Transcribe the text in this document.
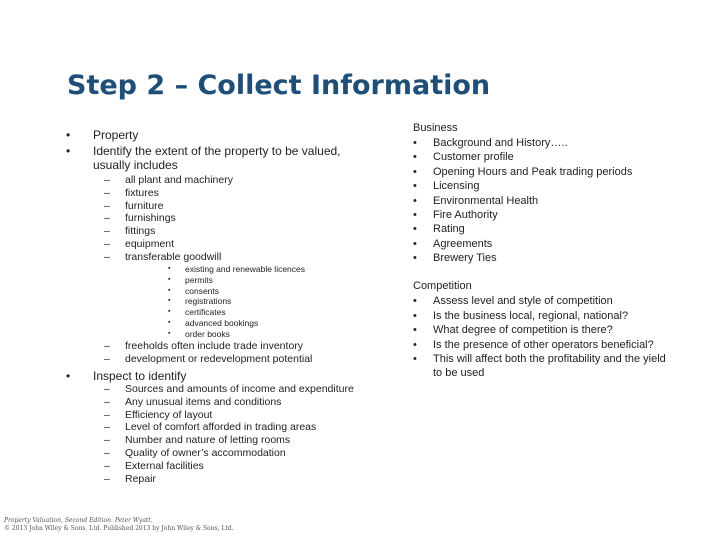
Step 2 – Collect Information
• Property
• Identify the extent of the property to be valued,
usually includes
– all plant and machinery
– fixtures
– furniture
– furnishings
– fittings
– equipment
– transferable goodwill
▪ existing and renewable licences
▪ permits
▪ consents
▪ registrations
▪ certificates
▪ advanced bookings
▪ order books
– freeholds often include trade inventory
– development or redevelopment potential
• Inspect to identify
– Sources and amounts of income and expenditure
– Any unusual items and conditions
– Efficiency of layout
– Level of comfort afforded in trading areas
– Number and nature of letting rooms
– Quality of owner’s accommodation
– External facilities
– Repair
Business
• Background and History…..
• Customer profile
• Opening Hours and Peak trading periods
• Licensing
• Environmental Health
• Fire Authority
• Rating
• Agreements
• Brewery Ties
Competition
• Assess level and style of competition
• Is the business local, regional, national?
• What degree of competition is there?
• Is the presence of other operators beneficial?
• This will affect both the profitability and the yield
to be used
Property Valuation, Second Edition. Peter Wyatt.
© 2013 John Wiley & Sons, Ltd. Published 2013 by John Wiley & Sons, Ltd.
